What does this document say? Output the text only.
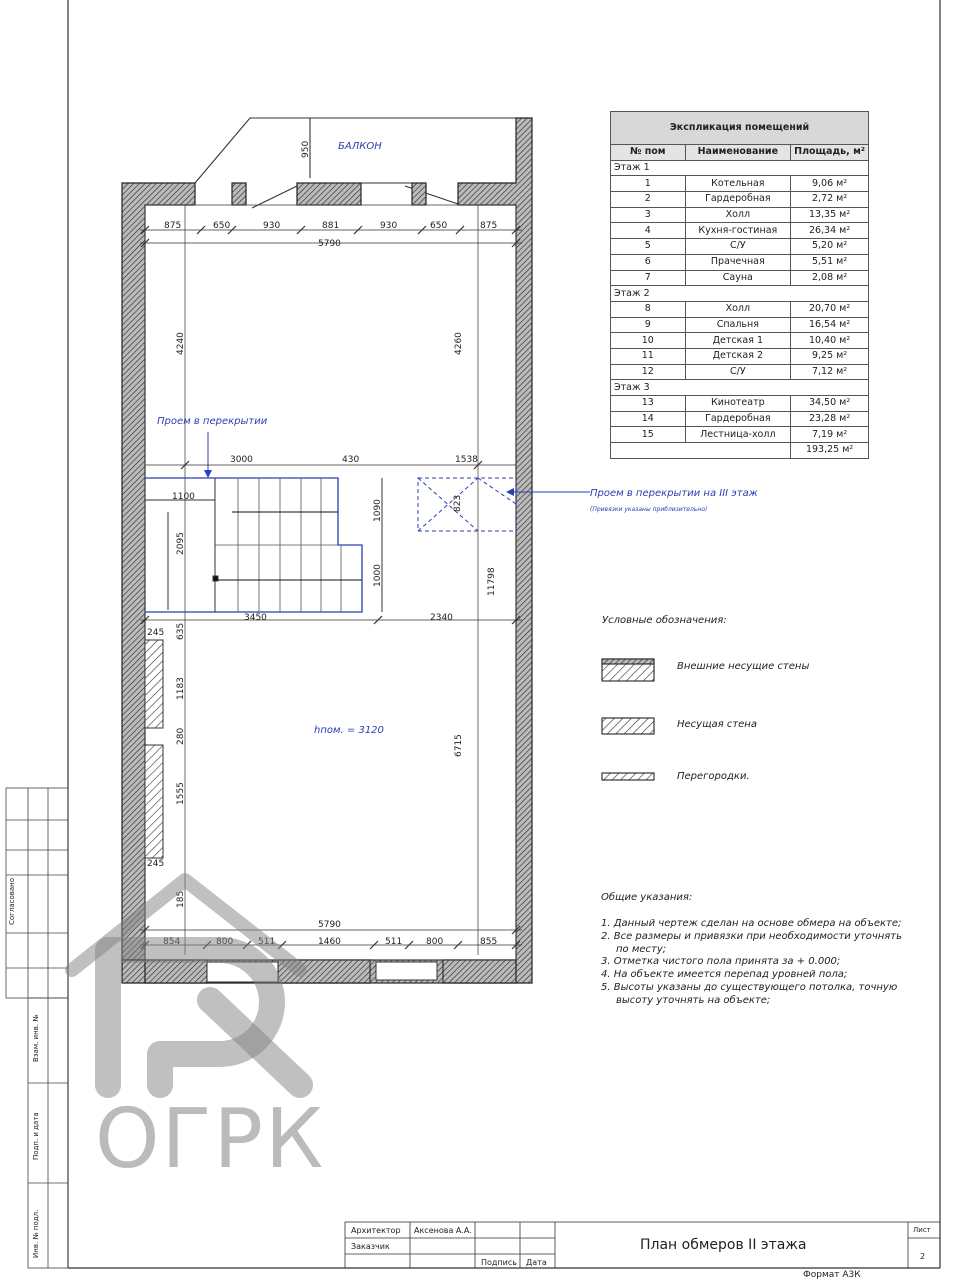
БАЛКОН
950
875	650	930	881	930	650	875
5790
4240	4260
Проем в перекрытии
3000	430
1100
2095
1090
1000
3450	2340
Проем в перекрытии на III этаж
(Привязки указаны приблизительно)
1538
823
11798
245 635
1183
280
1555
245
185
hпом. = 3120
6715
5790
854	800	511	1460	511	800	855
Экспликация помещений		
№ пом	Наименование	Площадь, м²
Этаж 1		
1	Котельная	9,06 м²
2	Гардеробная	2,72 м²
3	Холл	13,35 м²
4	Кухня-гостиная	26,34 м²
5	С/У	5,20 м²
6	Прачечная	5,51 м²
7	Сауна	2,08 м²
Этаж 2		
8	Холл	20,70 м²
9	Спальня	16,54 м²
10	Детская 1	10,40 м²
11	Детская 2	9,25 м²
12	С/У	7,12 м²
Этаж 3		
13	Кинотеатр	34,50 м²
14	Гардеробная	23,28 м²
15	Лестница-холл	7,19 м²
		193,25 м²
Условные обозначения:
Внешние несущие стены
Несущая стена
Перегородки.
Общие указания:
1. Данный чертеж сделан на основе обмера на объекте;
2. Все размеры и привязки при необходимости уточнять
по месту;
3. Отметка чистого пола принята за + 0.000;
4. На объекте имеется перепад уровней пола;
5. Высоты указаны до существующего потолка, точную
высоту уточнять на объекте;
Архитектор Аксенова А.А.
Заказчик
Подпись Дата
Лист
2
План обмеров II этажа
Формат А3К
Согласовано
Взам. инв. №
Подп. и дата
Инв. № подл.
ОГРК
